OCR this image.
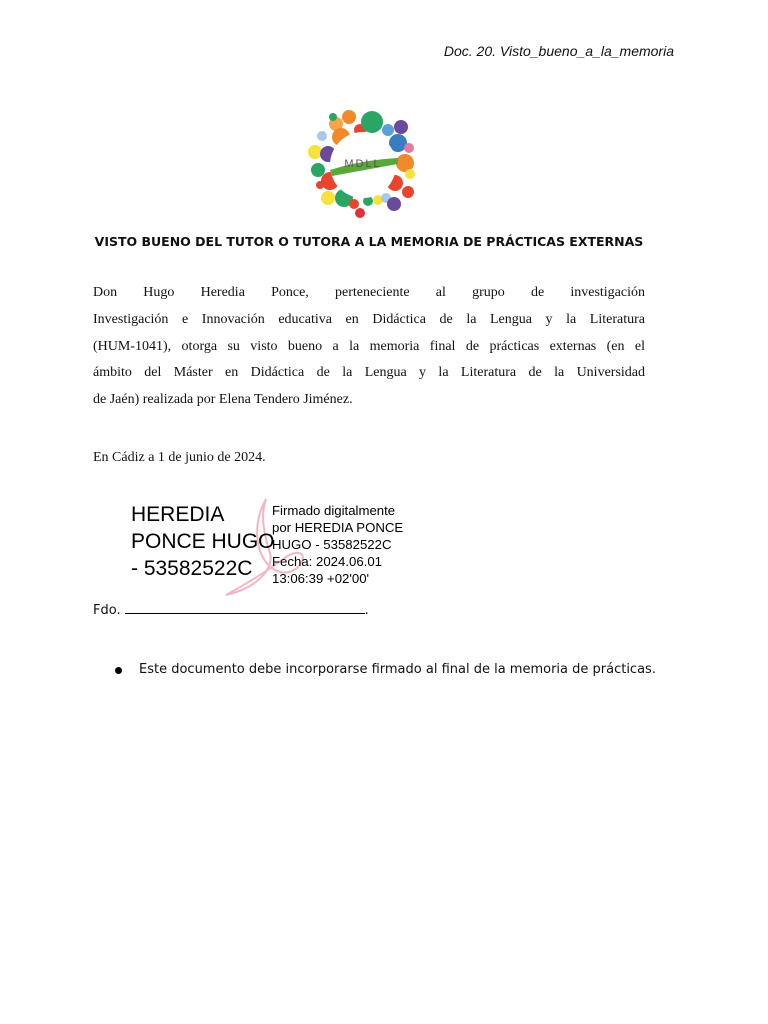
Doc. 20. Visto_bueno_a_la_memoria
MDLL
VISTO BUENO DEL TUTOR O TUTORA A LA MEMORIA DE PRÁCTICAS EXTERNAS
Don Hugo Heredia Ponce, perteneciente al grupo de investigación
Investigación e Innovación educativa en Didáctica de la Lengua y la Literatura
(HUM-1041), otorga su visto bueno a la memoria final de prácticas externas (en el
ámbito del Máster en Didáctica de la Lengua y la Literatura de la Universidad
de Jaén) realizada por Elena Tendero Jiménez.
En Cádiz a 1 de junio de 2024.
HEREDIA
PONCE HUGO
- 53582522C
Firmado digitalmente
por HEREDIA PONCE
HUGO - 53582522C
Fecha: 2024.06.01
13:06:39 +02'00'
Fdo.	.
Este documento debe incorporarse firmado al final de la memoria de prácticas.
